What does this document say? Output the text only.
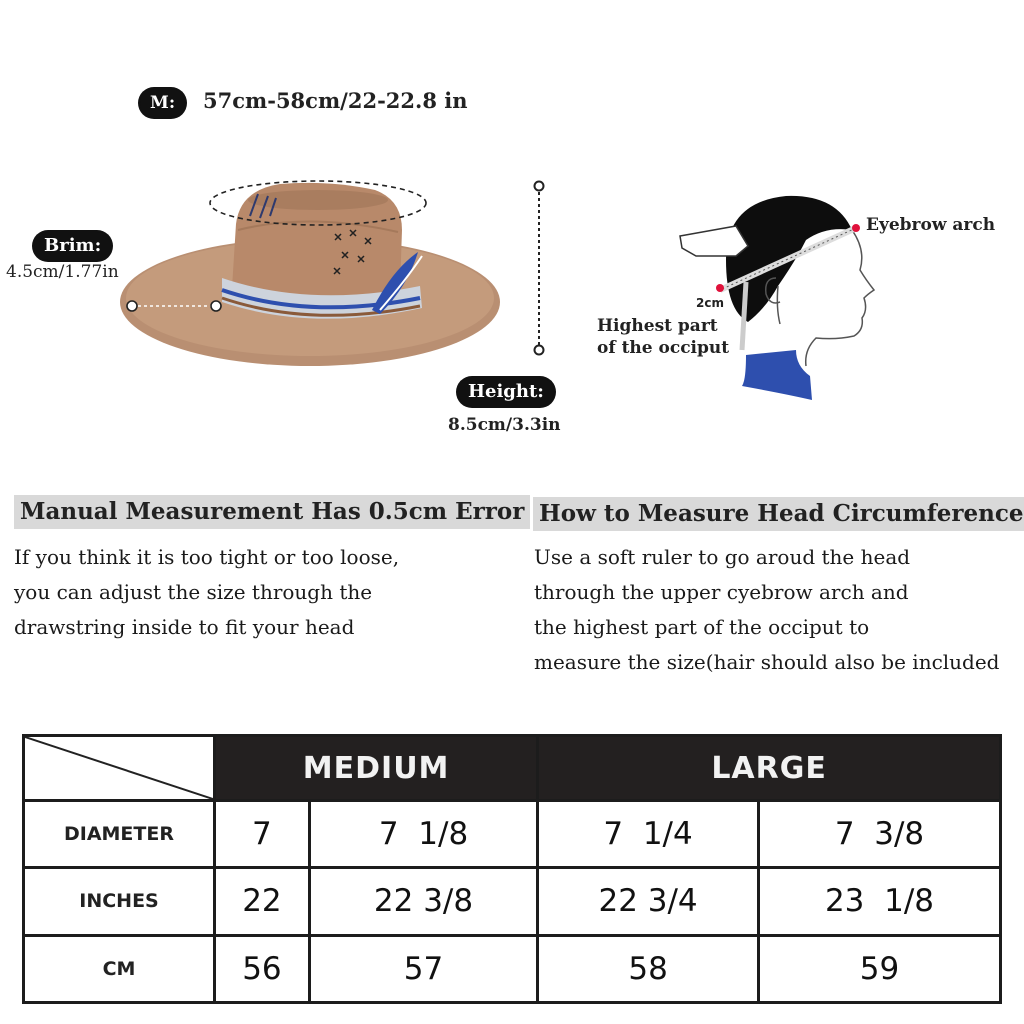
M:	57cm-58cm/22-22.8 in
Brim:
4.5cm/1.77in
Height:
8.5cm/3.3in
Eyebrow arch
2cm
Highest part
of the occiput
Manual Measurement Has 0.5cm Error
If you think it is too tight or too loose,
you can adjust the size through the
drawstring inside to fit your head
How to Measure Head Circumference
Use a soft ruler to go aroud the head
through the upper cyebrow arch and
the highest part of the occiput to
measure the size(hair should also be included
	MEDIUM		LARGE	
DIAMETER	7	7  1/8	7  1/4	7  3/8
INCHES	22	22 3/8	22 3/4	23  1/8
CM	56	57	58	59
